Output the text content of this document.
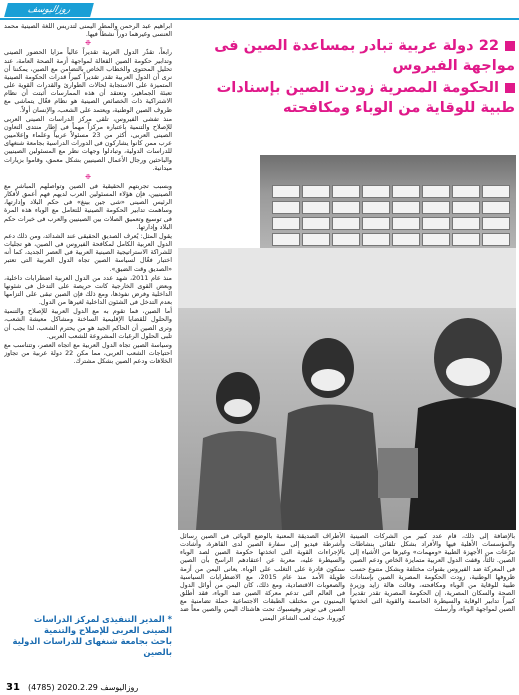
روزاليوسف

ابراهيم عبد الرحمن والمطر اليمنى لتدريس اللغة الصينية محمد العنسى وغيرهما دوراً نشطاً فيها.

❉

رابعاً، تقدّر الدول العربية تقديراً عالياً مزايا الحضور الصينى وتدابير حكومة الصين الفعالة لمواجهة أزمة الصحة العامة، عند تحليل المحتوى والخطاب الخاص بالتضامن مع الصين، يمكننا أن نرى أن الدول العربية تقدر تقديراً كبيراً قدرات الحكومة الصينية المتميزة على الاستجابة لحالات الطوارئ والقدرات القوية على تعبئة الجماهير، وتعتقد أن هذه الممارسات أثبتت أن نظام الاشتراكية ذات الخصائص الصينية هو نظام فعّال يتماشى مع ظروف الصين الوطنية، ويعتمد على الشعب، والإنسان أولاً.

منذ تفشى الفيروس، تلقى مركز الدراسات الصينى العربى للإصلاح والتنمية باعتباره مركزاً مهماً فى إطار منتدى التعاون الصينى العربى، أكثر من 23 مسئولاً عربياً وعلماء وإعلاميين عرب ممن كانوا يشاركون فى الدورات الدراسية بجامعة شنغهاى للدراسات الدولية، وتبادلوا وجهات نظر مع المسئولين الصينيين والباحثين ورجال الأعمال الصينيين بشكل معمق، وقاموا بزيارات ميدانية.

❉

وبسبب تجربتهم الحقيقية فى الصين وتواصلهم المباشر مع الصينيين، فإن هؤلاء المسئولين العرب لديهم فهم أعمق لأفكار الرئيس الصينى «شى جين بينغ» فى حكم البلاد وإدارتها، وساهمت تدابير الحكومة الصينية للتعامل مع الوباء هذه المرة فى توسيع وتعميق الصلات بين الصينيين والعرب فى خبرات حكم البلاد وإدارتها.

يقول المثل: يُعرف الصديق الحقيقى عند الشدائد، ومن ذلك دعم الدول العربية الكامل لمكافحة الفيروس فى الصين، هو تجليات للشراكة الاستراتيجية الصينية العربية فى العصر الجديد، كما أنه اختبار فعّال لسياسة الصين تجاه الدول العربية التى تعتبر «الصديق وقت الضيق».

منذ عام 2011، شهد عدد من الدول العربية اضطرابات داخلية، وبعض القوى الخارجية كانت حريصة على التدخل فى شئونها الداخلية وفرض نفوذها، ومع ذلك فإن الصين تبقى على التزامها بعدم التدخل فى الشئون الداخلية لغيرها من الدول.

أما الصين، فما تقوم به مع الدول العربية للإصلاح والتنمية والحلول للقضايا الإقليمية الساخنة ومشاكل معيشة الشعب، وترى الصين أن الحاكم الجيد هو من يحترم الشعب، لذا يجب أن تلبى الحلول الرغبات المشروعة للشعب العربى.

وسياسة الصين تجاه الدول العربية مع اتجاه العصر، وتتناسب مع احتياجات الشعب العربى، مما مكن 22 دولة عربية من تجاوز الخلافات ودعم الصين بشكل مشترك.

* المدير التنفيذى لمركز الدراسات الصينى العربى للإصلاح والتنمية
باحث بجامعة شنغهاى للدراسات الدولية بالصين
22 دولة عربية تبادر بمساعدة الصين فى مواجهة الفيروس
الحكومة المصرية زودت الصين بإسنادات طبية للوقاية من الوباء ومكافحته

الأطراف الصديقة المعنية بالوضع الوبائى فى الصين رسائل وأشرطة فيديو إلى سفارة الصين لدى القاهرة، وأشادت بالإجراءات القوية التى اتخذتها حكومة الصين لصد الوباء والسيطرة عليه، معربة عن اعتقادهم الراسخ بأن الصين ستكون قادرة على التغلب على الوباء. يعانى اليمن من أزمة طويلة الأمد منذ عام 2015، مع الاضطرابات السياسية والصعوبات الاقتصادية، ومع ذلك، كان اليمن من أوائل الدول فى العالم التى تدعم معركة الصين ضد الوباء، فقد أطلق اليمنيون من مختلف الطبقات الاجتماعية حملة تضامنية مع الصين فى تويتر وفيسبوك تحت هاشتاك اليمن والصين معاً ضد كورونا، حيث لعب الشاعر اليمنى

بالإضافة إلى ذلك، قام عدد كبير من الشركات الصينية والمؤسسات الأهلية فيها والأفراد بشكل تلقائى بنشاطات تبرّعات من الأجهزة الطبية «ومهمات» وغيرها من الأشياء إلى الصين. ثالثاً، وقفت الدول العربية متمايزة الخاص ودعم الصين فى المعركة ضد الفيروس بقنوات مختلفة وبشكل متنوع حسب ظروفها الوطنية، زودت الحكومة المصرية الصين بإسنادات طبية للوقاية من الوباء ومكافحته، وقالت هالة زايد وزيرة الصحة والسكان المصرية، إن الحكومة المصرية تقدر تقديراً كبيراً تدابير الوقاية والسيطرة الحاسمة والقوية التى اتخذتها الصين لمواجهة الوباء، وأرسلت

31 روزاليوسف 2020.2.29 (4785)
